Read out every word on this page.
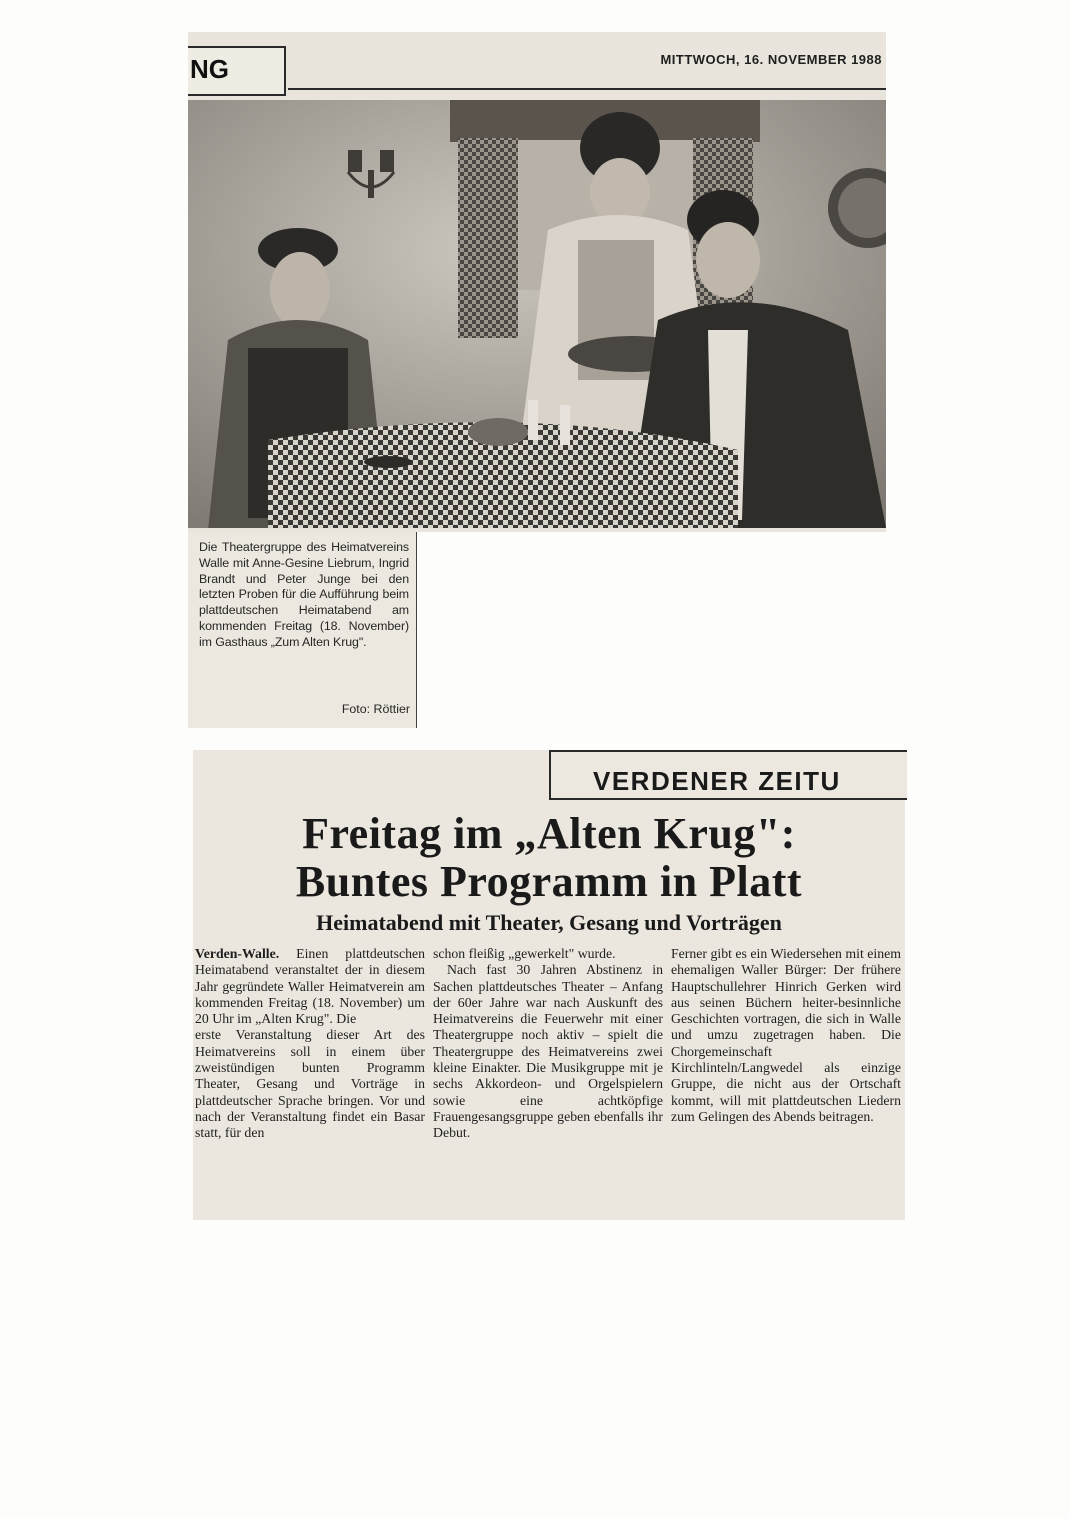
MITTWOCH, 16. NOVEMBER 1988
NG
Die Theatergruppe des Heimatvereins Walle mit Anne-Gesine Liebrum, Ingrid Brandt und Peter Junge bei den letzten Proben für die Aufführung beim plattdeutschen Heimatabend am kommenden Freitag (18. November) im Gasthaus „Zum Alten Krug".
Foto: Röttier
VERDENER ZEITU
Freitag im „Alten Krug":
Buntes Programm in Platt
Heimatabend mit Theater, Gesang und Vorträgen

Verden-Walle. Einen plattdeutschen Heimatabend veranstaltet der in diesem Jahr gegründete Waller Heimatverein am kommenden Freitag (18. November) um 20 Uhr im „Alten Krug". Die

erste Veranstaltung dieser Art des Heimatvereins soll in einem über zweistündigen bunten Programm Theater, Gesang und Vorträge in plattdeutscher Sprache bringen. Vor und nach der Veranstaltung findet ein Basar statt, für den

schon fleißig „gewerkelt" wurde.

Nach fast 30 Jahren Abstinenz in Sachen plattdeutsches Theater – Anfang der 60er Jahre war nach Auskunft des Heimatvereins die Feuerwehr mit einer Theatergruppe noch aktiv – spielt die Theatergruppe des Heimatvereins zwei kleine Einakter. Die Musikgruppe mit je sechs Akkordeon- und Orgelspielern sowie eine achtköpfige Frauengesangsgruppe geben ebenfalls ihr Debut.

Ferner gibt es ein Wiedersehen mit einem ehemaligen Waller Bürger: Der frühere Hauptschullehrer Hinrich Gerken wird aus seinen Büchern heiter-besinnliche Geschichten vortragen, die sich in Walle und umzu zugetragen haben. Die Chorgemeinschaft Kirchlinteln/Langwedel als einzige Gruppe, die nicht aus der Ortschaft kommt, will mit plattdeutschen Liedern zum Gelingen des Abends beitragen.
